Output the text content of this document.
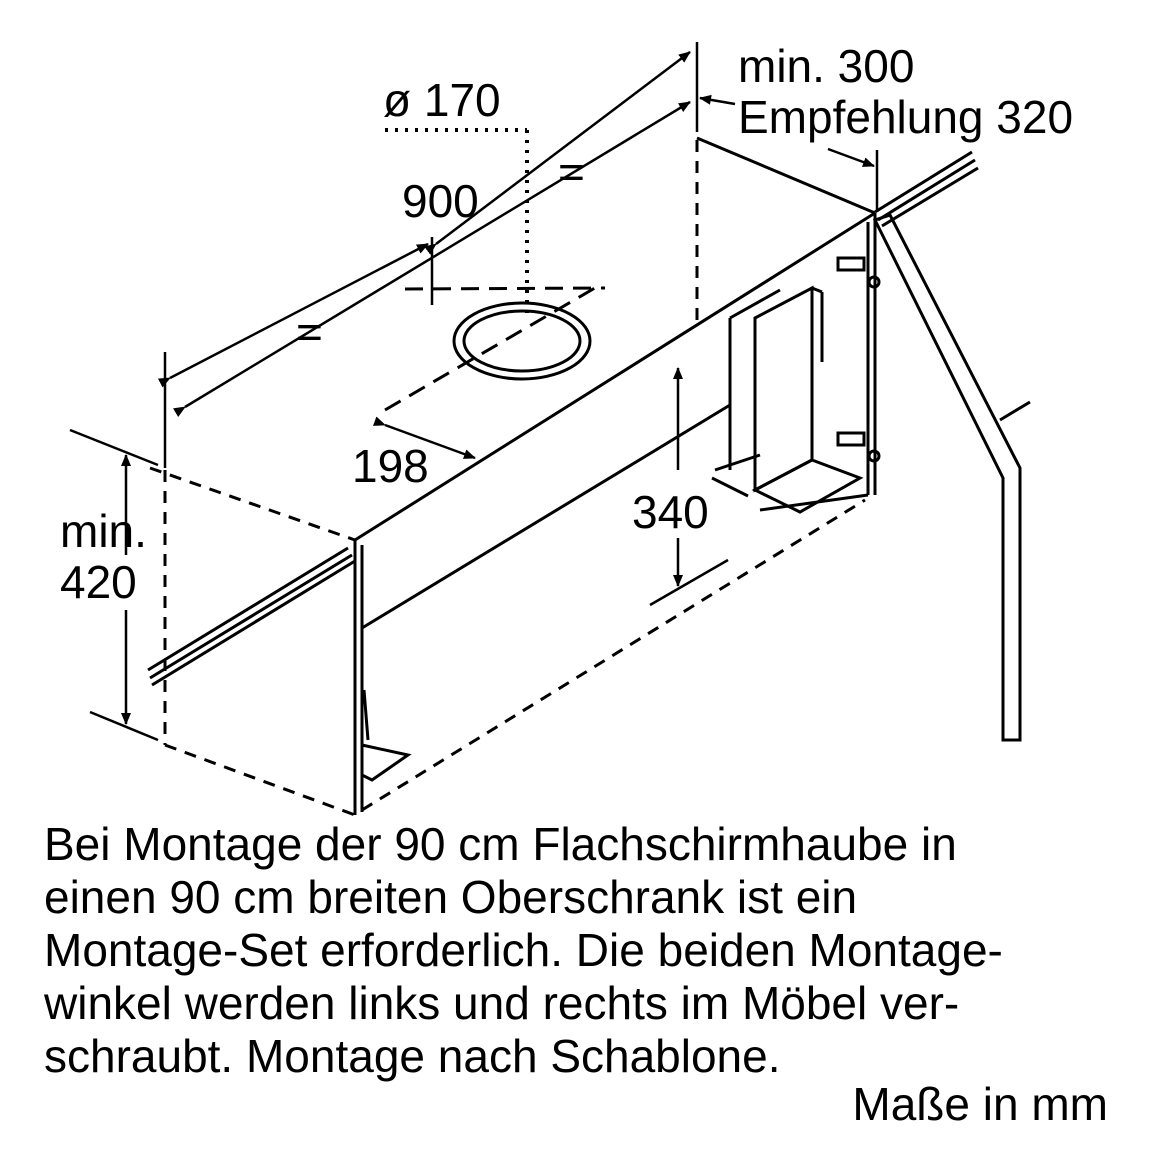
ø 170
900
=
=
min. 300
Empfehlung 320
198
min.
420
340

Bei Montage der 90 cm Flachschirmhaube in
einen 90 cm breiten Oberschrank ist ein
Montage-Set erforderlich. Die beiden Montage-
winkel werden links und rechts im Möbel ver-
schraubt. Montage nach Schablone.

Maße in mm
